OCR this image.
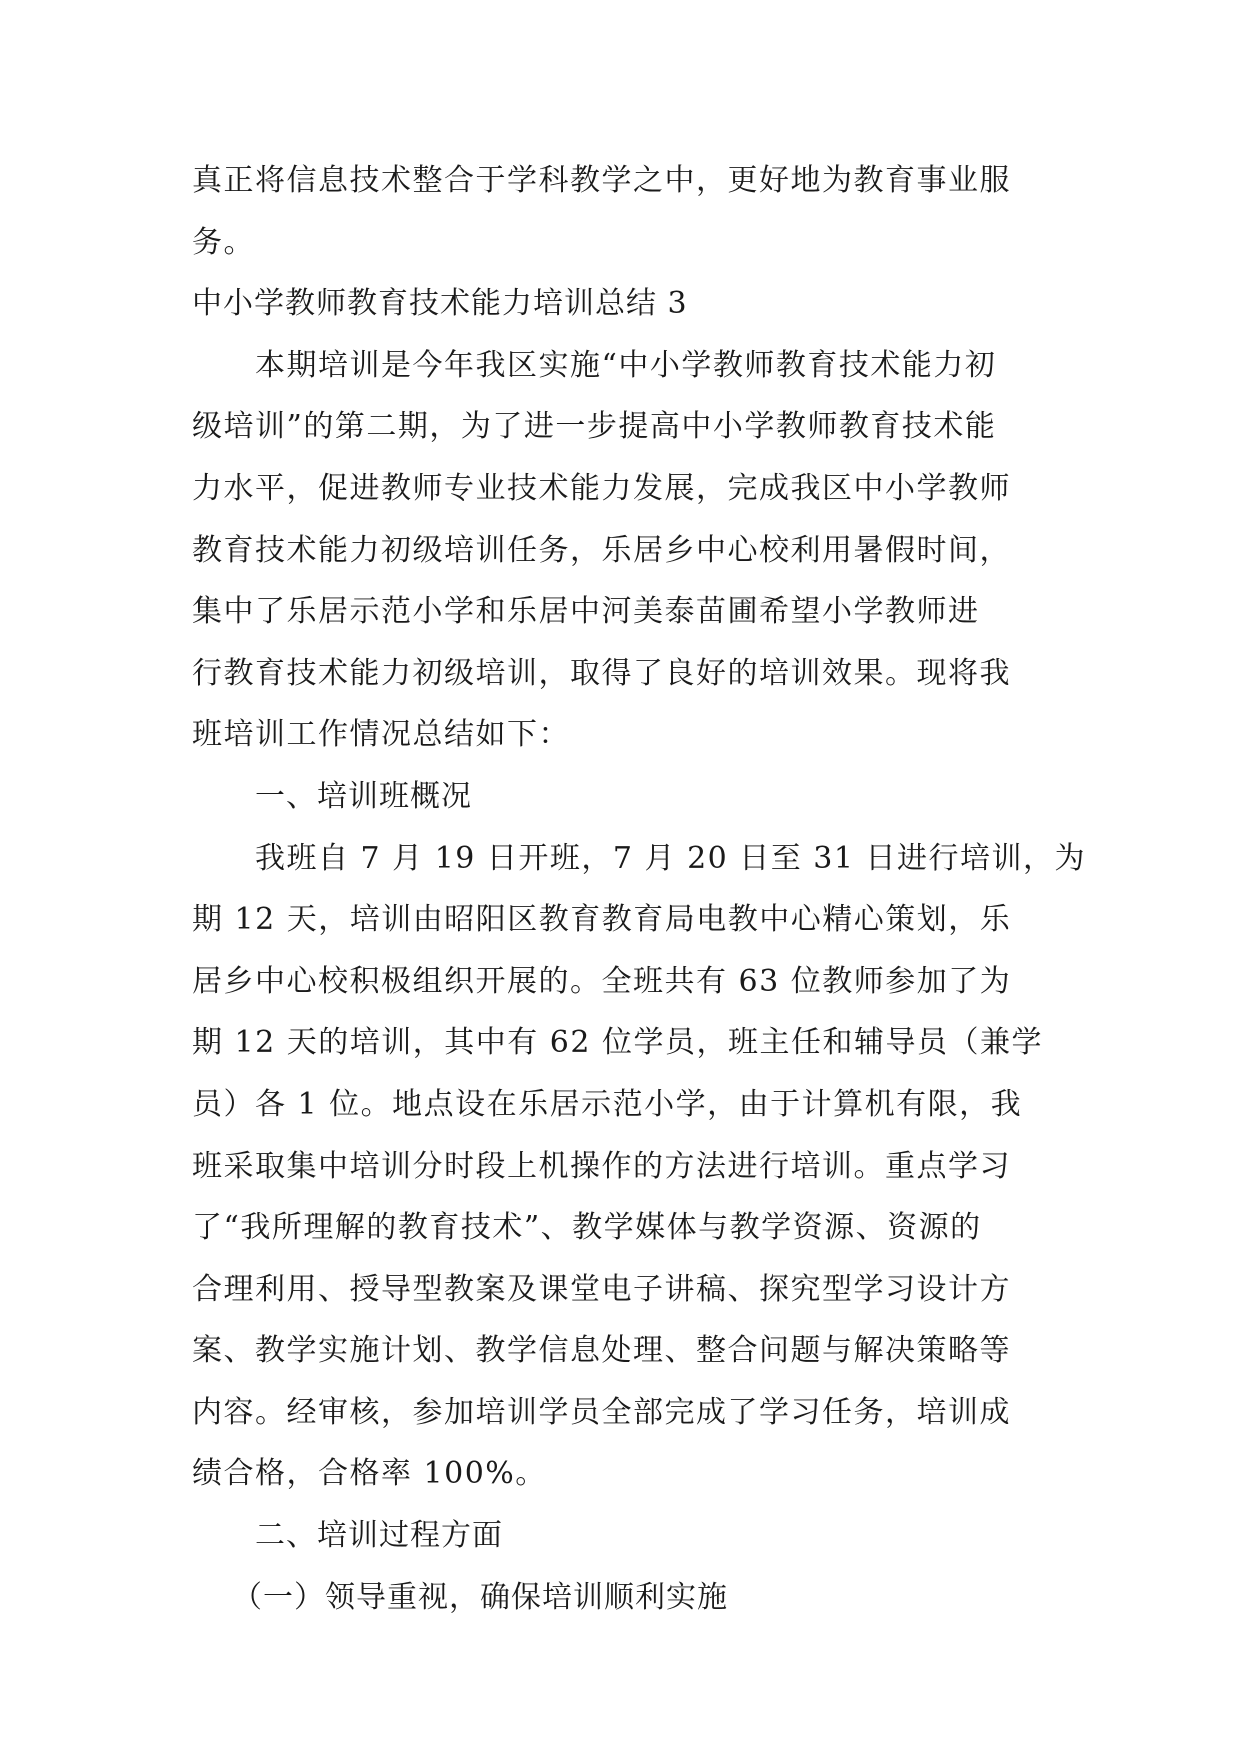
真正将信息技术整合于学科教学之中，更好地为教育事业服
务。
中小学教师教育技术能力培训总结 3
本期培训是今年我区实施“中小学教师教育技术能力初
级培训”的第二期，为了进一步提高中小学教师教育技术能
力水平，促进教师专业技术能力发展，完成我区中小学教师
教育技术能力初级培训任务，乐居乡中心校利用暑假时间，
集中了乐居示范小学和乐居中河美泰苗圃希望小学教师进
行教育技术能力初级培训，取得了良好的培训效果。现将我
班培训工作情况总结如下：
一、培训班概况
我班自 7 月 19 日开班，7 月 20 日至 31 日进行培训，为
期 12 天，培训由昭阳区教育教育局电教中心精心策划，乐
居乡中心校积极组织开展的。全班共有 63 位教师参加了为
期 12 天的培训，其中有 62 位学员，班主任和辅导员（兼学
员）各 1 位。地点设在乐居示范小学，由于计算机有限，我
班采取集中培训分时段上机操作的方法进行培训。重点学习
了“我所理解的教育技术”、教学媒体与教学资源、资源的
合理利用、授导型教案及课堂电子讲稿、探究型学习设计方
案、教学实施计划、教学信息处理、整合问题与解决策略等
内容。经审核，参加培训学员全部完成了学习任务，培训成
绩合格，合格率 100%。
二、培训过程方面
（一）领导重视，确保培训顺利实施
